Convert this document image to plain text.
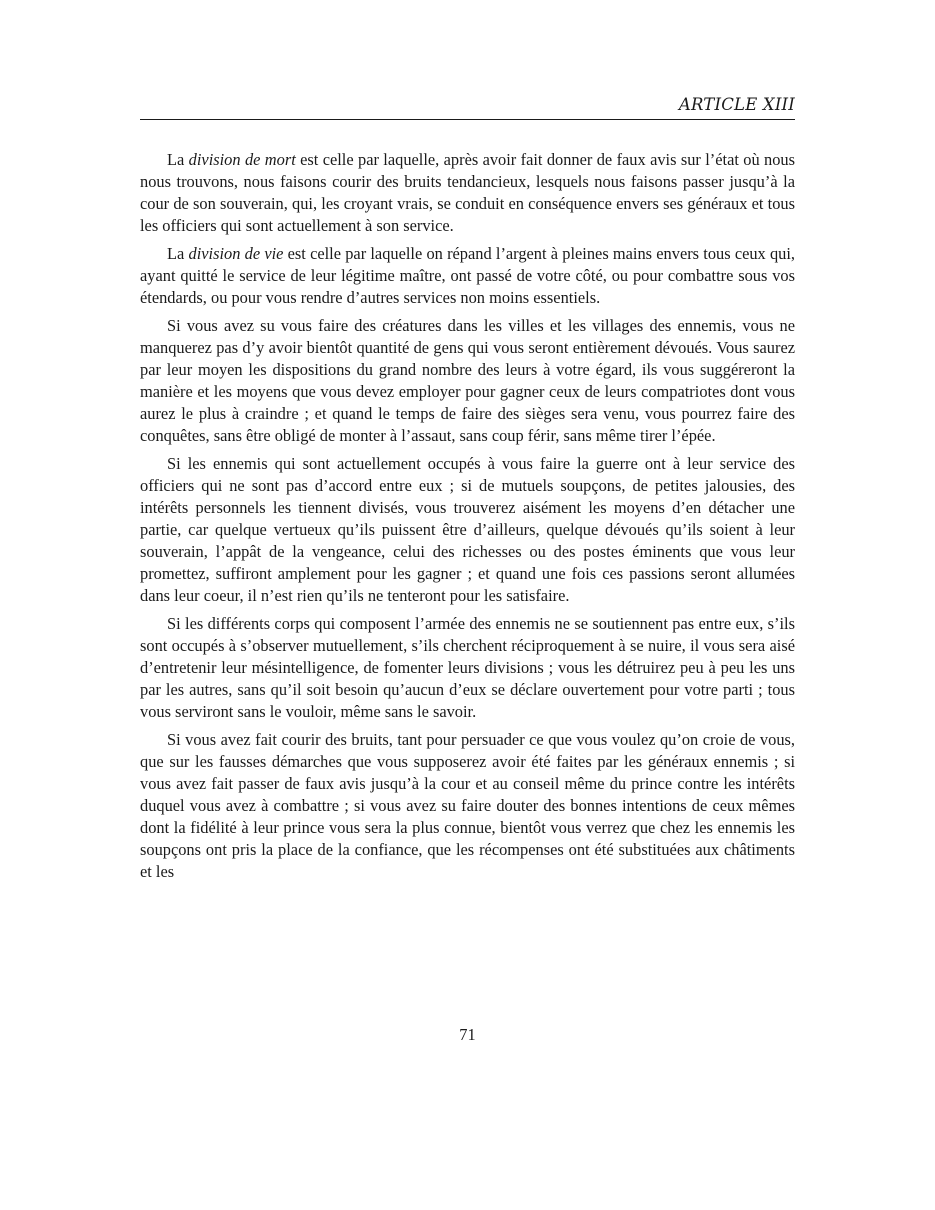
ARTICLE XIII

La division de mort est celle par laquelle, après avoir fait donner de faux avis sur l’état où nous nous trouvons, nous faisons courir des bruits tendancieux, lesquels nous faisons passer jusqu’à la cour de son souverain, qui, les croyant vrais, se conduit en conséquence envers ses généraux et tous les officiers qui sont actuellement à son service.

La division de vie est celle par laquelle on répand l’argent à pleines mains envers tous ceux qui, ayant quitté le service de leur légitime maître, ont passé de votre côté, ou pour combattre sous vos étendards, ou pour vous rendre d’autres services non moins essentiels.

Si vous avez su vous faire des créatures dans les villes et les villages des ennemis, vous ne manquerez pas d’y avoir bientôt quantité de gens qui vous seront entièrement dévoués. Vous saurez par leur moyen les dispositions du grand nombre des leurs à votre égard, ils vous suggéreront la manière et les moyens que vous devez employer pour gagner ceux de leurs compatriotes dont vous aurez le plus à craindre ; et quand le temps de faire des sièges sera venu, vous pourrez faire des conquêtes, sans être obligé de monter à l’assaut, sans coup férir, sans même tirer l’épée.

Si les ennemis qui sont actuellement occupés à vous faire la guerre ont à leur service des officiers qui ne sont pas d’accord entre eux ; si de mutuels soupçons, de petites jalousies, des intérêts personnels les tiennent divisés, vous trouverez aisément les moyens d’en détacher une partie, car quelque vertueux qu’ils puissent être d’ailleurs, quelque dévoués qu’ils soient à leur souverain, l’appât de la vengeance, celui des richesses ou des postes éminents que vous leur promettez, suffiront amplement pour les gagner ; et quand une fois ces passions seront allumées dans leur coeur, il n’est rien qu’ils ne tenteront pour les satisfaire.

Si les différents corps qui composent l’armée des ennemis ne se soutiennent pas entre eux, s’ils sont occupés à s’observer mutuellement, s’ils cherchent réciproquement à se nuire, il vous sera aisé d’entretenir leur mésintelligence, de fomenter leurs divisions ; vous les détruirez peu à peu les uns par les autres, sans qu’il soit besoin qu’aucun d’eux se déclare ouvertement pour votre parti ; tous vous serviront sans le vouloir, même sans le savoir.

Si vous avez fait courir des bruits, tant pour persuader ce que vous voulez qu’on croie de vous, que sur les fausses démarches que vous supposerez avoir été faites par les généraux ennemis ; si vous avez fait passer de faux avis jusqu’à la cour et au conseil même du prince contre les intérêts duquel vous avez à combattre ; si vous avez su faire douter des bonnes intentions de ceux mêmes dont la fidélité à leur prince vous sera la plus connue, bientôt vous verrez que chez les ennemis les soupçons ont pris la place de la confiance, que les récompenses ont été substituées aux châtiments et les

71
